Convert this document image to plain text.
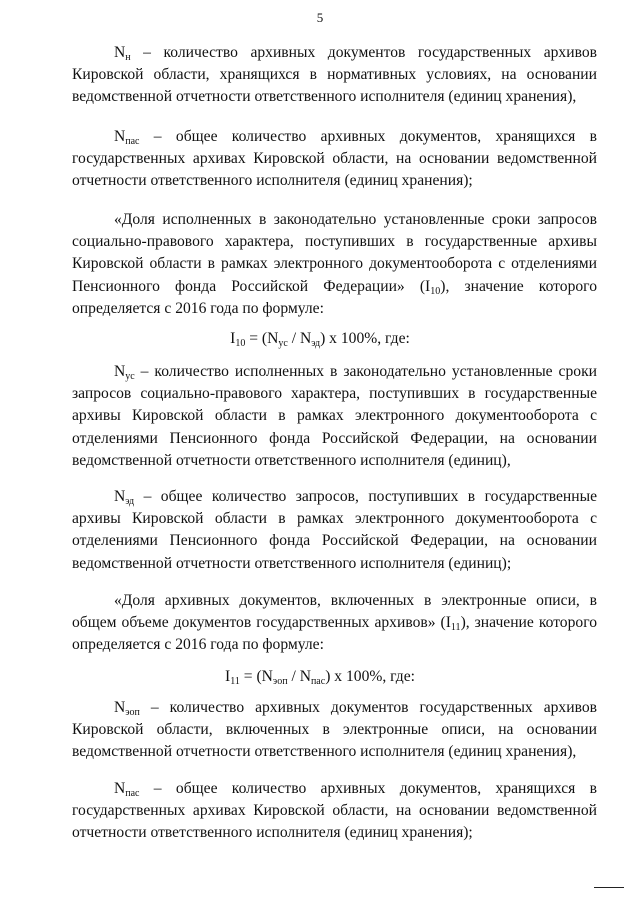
5
$N_н$ – количество архивных документов государственных архивов Кировской области, хранящихся в нормативных условиях, на основании ведомственной отчетности ответственного исполнителя (единиц хранения),
$N_{пас}$ – общее количество архивных документов, хранящихся в государственных архивах Кировской области, на основании ведомственной отчетности ответственного исполнителя (единиц хранения);
«Доля исполненных в законодательно установленные сроки запросов социально-правового характера, поступивших в государственные архивы Кировской области в рамках электронного документооборота с отделениями Пенсионного фонда Российской Федерации» $(I_{10})$, значение которого определяется с 2016 года по формуле:
$I_{10} = (N_{ус} / N_{эд})$ x 100%, где:
$N_{ус}$ – количество исполненных в законодательно установленные сроки запросов социально-правового характера, поступивших в государственные архивы Кировской области в рамках электронного документооборота с отделениями Пенсионного фонда Российской Федерации, на основании ведомственной отчетности ответственного исполнителя (единиц),
$N_{эд}$ – общее количество запросов, поступивших в государственные архивы Кировской области в рамках электронного документооборота с отделениями Пенсионного фонда Российской Федерации, на основании ведомственной отчетности ответственного исполнителя (единиц);
«Доля архивных документов, включенных в электронные описи, в общем объеме документов государственных архивов» $(I_{11})$, значение которого определяется с 2016 года по формуле:
$I_{11} = (N_{эоп} / N_{пас})$ x 100%, где:
$N_{эоп}$ – количество архивных документов государственных архивов Кировской области, включенных в электронные описи, на основании ведомственной отчетности ответственного исполнителя (единиц хранения),
$N_{пас}$ – общее количество архивных документов, хранящихся в государственных архивах Кировской области, на основании ведомственной отчетности ответственного исполнителя (единиц хранения);
